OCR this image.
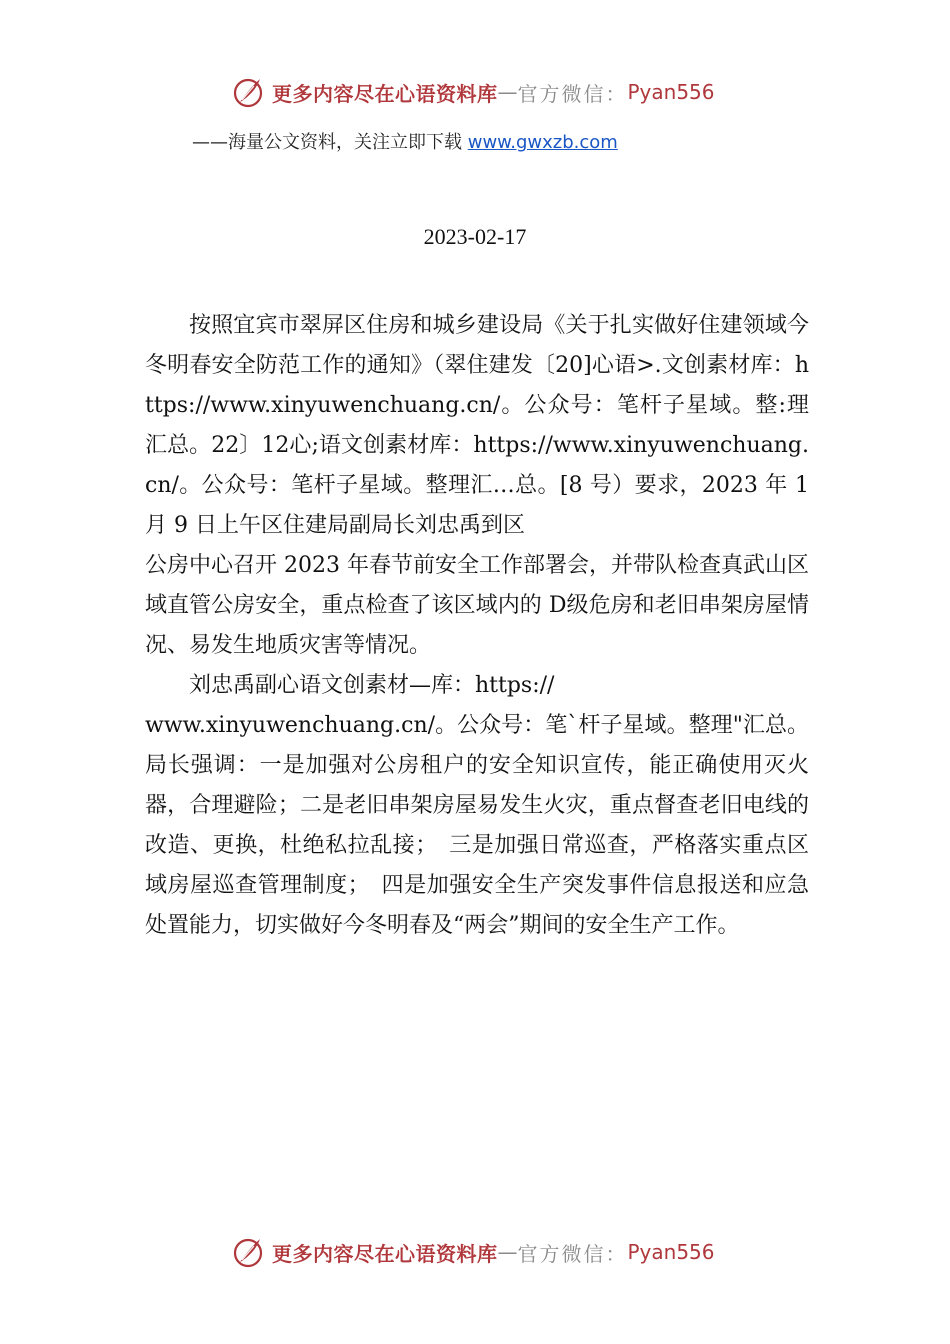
更多内容尽在心语资料库 — 官方微信： Pyan556
——海量公文资料，关注立即下载 www.gwxzb.com
2023-02-17

按照宜宾市翠屏区住房和城乡建设局《关于扎实做好住建领域今冬明春安全防范工作的通知》（翠住建发〔20]心语>.文创素材库：https://www.xinyuwenchuang.cn/。公众号：笔杆子星域。整:理汇总。22〕12心;语文创素材库：https://www.xinyuwenchuang.cn/。公众号：笔杆子星域。整理汇…总。[8 号）要求，2023 年 1 月 9 日上午区住建局副局长刘忠禹到区

公房中心召开 2023 年春节前安全工作部署会，并带队检查真武山区域直管公房安全，重点检查了该区域内的 D级危房和老旧串架房屋情况、易发生地质灾害等情况。

刘忠禹副心语文创素材—库：https://

www.xinyuwenchuang.cn/。公众号：笔`杆子星域。整理"汇总。局长强调：一是加强对公房租户的安全知识宣传，能正确使用灭火器，合理避险；二是老旧串架房屋易发生火灾，重点督查老旧电线的改造、更换，杜绝私拉乱接；　三是加强日常巡查，严格落实重点区域房屋巡查管理制度；　四是加强安全生产突发事件信息报送和应急处置能力，切实做好今冬明春及“两会”期间的安全生产工作。

更多内容尽在心语资料库 — 官方微信： Pyan556
